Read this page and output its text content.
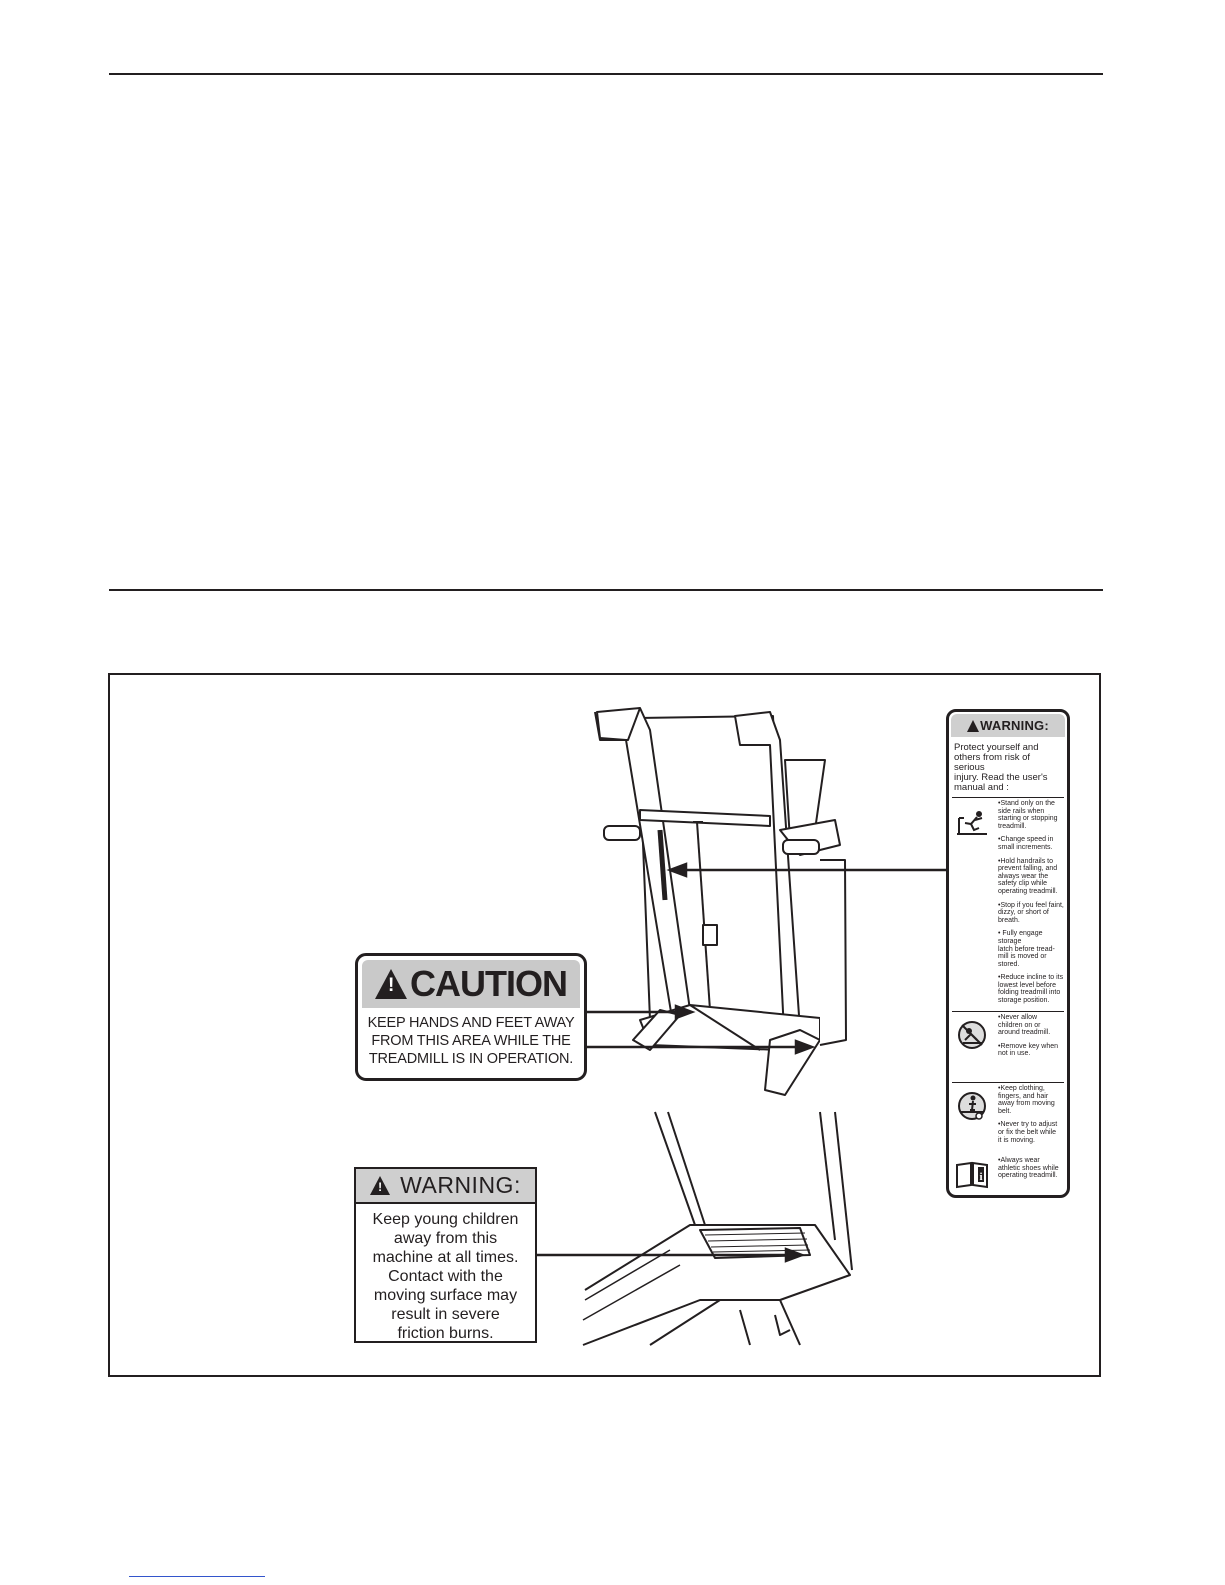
! CAUTION
KEEP HANDS AND FEET AWAY
FROM THIS AREA WHILE THE
TREADMILL IS IN OPERATION.
! WARNING:
Keep young children
away from this
machine at all times.
Contact with the
moving surface may
result in severe
friction burns.
WARNING:
Protect yourself and
others from risk of serious
injury. Read the user's
manual and :
•Stand only on the
side rails when
starting or stopping
treadmill.
•Change speed in
small increments.
•Hold handrails to
prevent falling, and
always wear the
safety clip while
operating treadmill.
•Stop if you feel faint,
dizzy, or short of
breath.
• Fully engage storage
latch before tread-
mill is moved or
stored.
•Reduce incline to its
lowest level before
folding treadmill into
storage position.
•Never allow
children on or
around treadmill.
•Remove key when
not in use.
•Keep clothing,
fingers, and hair
away from moving
belt.
•Never try to adjust
or fix the belt while
it is moving.
i
•Always wear
athletic shoes while
operating treadmill.
